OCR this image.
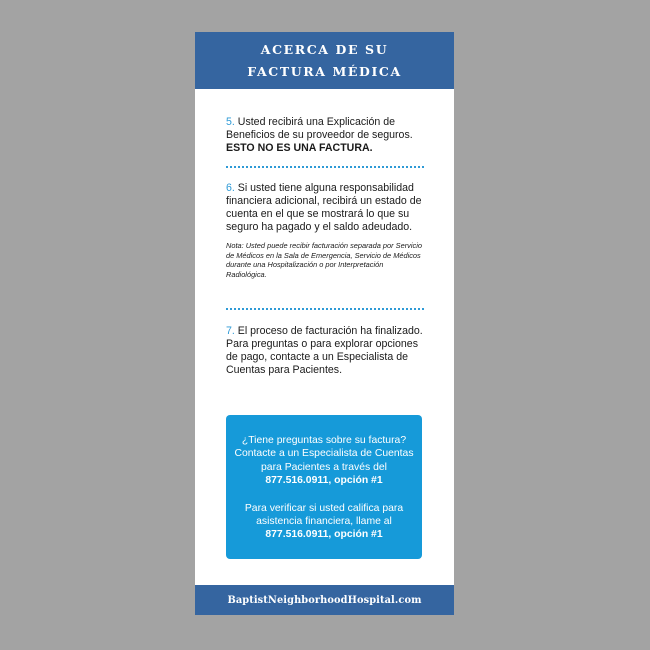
ACERCA DE SU
FACTURA MÉDICA
5. Usted recibirá una Explicación de Beneficios de su proveedor de seguros.
ESTO NO ES UNA FACTURA.
6. Si usted tiene alguna responsabilidad financiera adicional, recibirá un estado de cuenta en el que se mostrará lo que su seguro ha pagado y el saldo adeudado.
Nota: Usted puede recibir facturación separada por Servicio de Médicos en la Sala de Emergencia, Servicio de Médicos durante una Hospitalización o por Interpretación Radiológica.
7. El proceso de facturación ha finalizado. Para preguntas o para explorar opciones de pago, contacte a un Especialista de Cuentas para Pacientes.

¿Tiene preguntas sobre su factura? Contacte a un Especialista de Cuentas para Pacientes a través del
877.516.0911, opción #1

Para verificar si usted califica para asistencia financiera, llame al
877.516.0911, opción #1

BaptistNeighborhoodHospital.com
